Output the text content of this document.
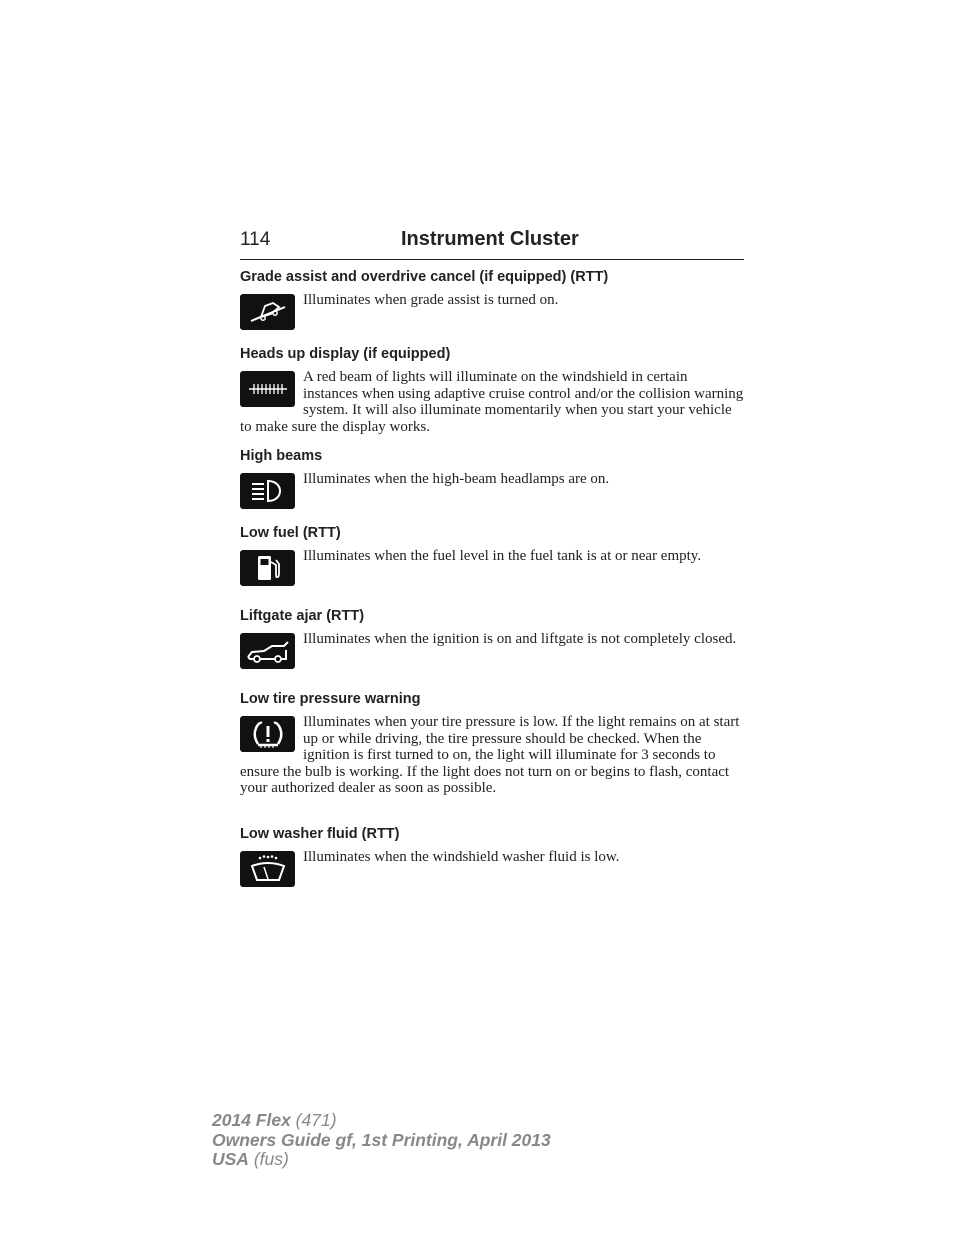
114	Instrument Cluster

Grade assist and overdrive cancel (if equipped) (RTT)

Illuminates when grade assist is turned on.

Heads up display (if equipped)

A red beam of lights will illuminate on the windshield in certain instances when using adaptive cruise control and/or the collision warning system. It will also illuminate momentarily when you start your vehicle to make sure the display works.

High beams

Illuminates when the high-beam headlamps are on.

Low fuel (RTT)

Illuminates when the fuel level in the fuel tank is at or near empty.

Liftgate ajar (RTT)

Illuminates when the ignition is on and liftgate is not completely closed.

Low tire pressure warning

Illuminates when your tire pressure is low. If the light remains on at start up or while driving, the tire pressure should be checked. When the ignition is first turned to on, the light will illuminate for 3 seconds to ensure the bulb is working. If the light does not turn on or begins to flash, contact your authorized dealer as soon as possible.

Low washer fluid (RTT)

Illuminates when the windshield washer fluid is low.

2014 Flex (471)
Owners Guide gf, 1st Printing, April 2013
USA (fus)
